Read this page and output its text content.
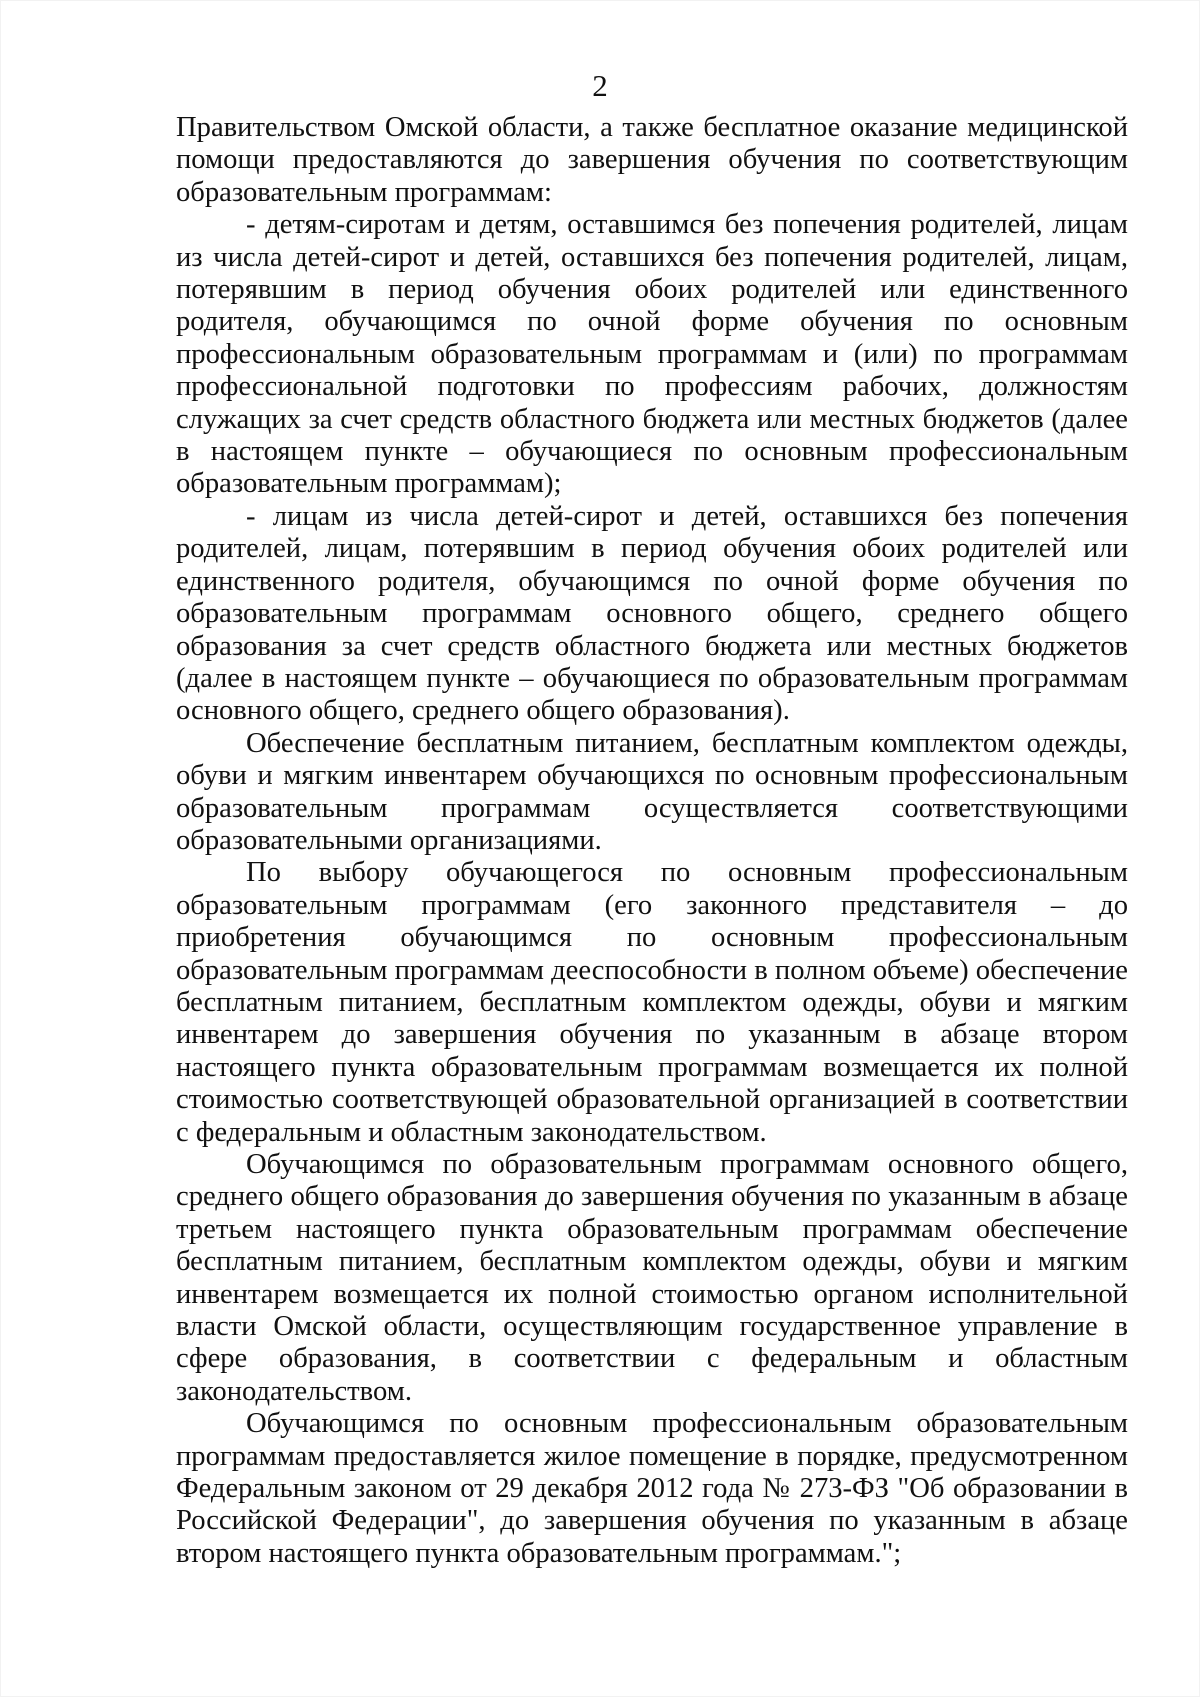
2

Правительством Омской области, а также бесплатное оказание медицинской помощи предоставляются до завершения обучения по соответствующим образовательным программам:

- детям-сиротам и детям, оставшимся без попечения родителей, лицам из числа детей-сирот и детей, оставшихся без попечения родителей, лицам, потерявшим в период обучения обоих родителей или единственного родителя, обучающимся по очной форме обучения по основным профессиональным образовательным программам и (или) по программам профессиональной подготовки по профессиям рабочих, должностям служащих за счет средств областного бюджета или местных бюджетов (далее в настоящем пункте – обучающиеся по основным профессиональным образовательным программам);

- лицам из числа детей-сирот и детей, оставшихся без попечения родителей, лицам, потерявшим в период обучения обоих родителей или единственного родителя, обучающимся по очной форме обучения по образовательным программам основного общего, среднего общего образования за счет средств областного бюджета или местных бюджетов (далее в настоящем пункте – обучающиеся по образовательным программам основного общего, среднего общего образования).

Обеспечение бесплатным питанием, бесплатным комплектом одежды, обуви и мягким инвентарем обучающихся по основным профессиональным образовательным программам осуществляется соответствующими образовательными организациями.

По выбору обучающегося по основным профессиональным образовательным программам (его законного представителя – до приобретения обучающимся по основным профессиональным образовательным программам дееспособности в полном объеме) обеспечение бесплатным питанием, бесплатным комплектом одежды, обуви и мягким инвентарем до завершения обучения по указанным в абзаце втором настоящего пункта образовательным программам возмещается их полной стоимостью соответствующей образовательной организацией в соответствии с федеральным и областным законодательством.

Обучающимся по образовательным программам основного общего, среднего общего образования до завершения обучения по указанным в абзаце третьем настоящего пункта образовательным программам обеспечение бесплатным питанием, бесплатным комплектом одежды, обуви и мягким инвентарем возмещается их полной стоимостью органом исполнительной власти Омской области, осуществляющим государственное управление в сфере образования, в соответствии с федеральным и областным законодательством.

Обучающимся по основным профессиональным образовательным программам предоставляется жилое помещение в порядке, предусмотренном Федеральным законом от 29 декабря 2012 года № 273-ФЗ "Об образовании в Российской Федерации", до завершения обучения по указанным в абзаце втором настоящего пункта образовательным программам.";
